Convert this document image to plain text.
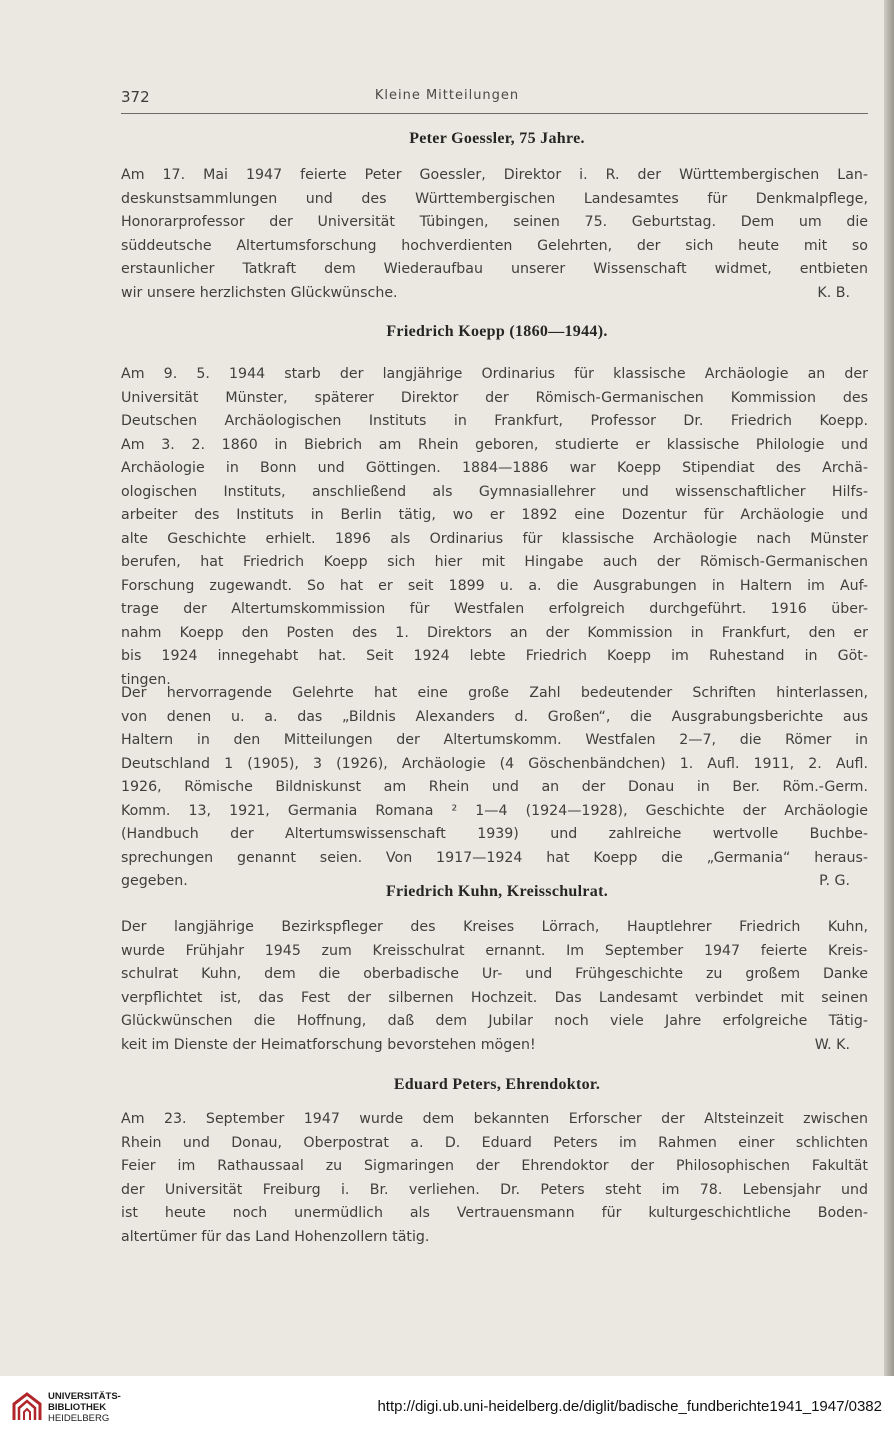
372	Kleine Mitteilungen
Peter Goessler, 75 Jahre.
Am 17. Mai 1947 feierte Peter Goessler, Direktor i. R. der Württembergischen Lan-
deskunstsammlungen und des Württembergischen Landesamtes für Denkmalpflege,
Honorarprofessor der Universität Tübingen, seinen 75. Geburtstag. Dem um die
süddeutsche Altertumsforschung hochverdienten Gelehrten, der sich heute mit so
erstaunlicher Tatkraft dem Wiederaufbau unserer Wissenschaft widmet, entbieten
wir unsere herzlichsten Glückwünsche.	K. B.
Friedrich Koepp (1860—1944).
Am 9. 5. 1944 starb der langjährige Ordinarius für klassische Archäologie an der
Universität Münster, späterer Direktor der Römisch-Germanischen Kommission des
Deutschen Archäologischen Instituts in Frankfurt, Professor Dr. Friedrich Koepp.
Am 3. 2. 1860 in Biebrich am Rhein geboren, studierte er klassische Philologie und
Archäologie in Bonn und Göttingen. 1884—1886 war Koepp Stipendiat des Archä-
ologischen Instituts, anschließend als Gymnasiallehrer und wissenschaftlicher Hilfs-
arbeiter des Instituts in Berlin tätig, wo er 1892 eine Dozentur für Archäologie und
alte Geschichte erhielt. 1896 als Ordinarius für klassische Archäologie nach Münster
berufen, hat Friedrich Koepp sich hier mit Hingabe auch der Römisch-Germanischen
Forschung zugewandt. So hat er seit 1899 u. a. die Ausgrabungen in Haltern im Auf-
trage der Altertumskommission für Westfalen erfolgreich durchgeführt. 1916 über-
nahm Koepp den Posten des 1. Direktors an der Kommission in Frankfurt, den er
bis 1924 innegehabt hat. Seit 1924 lebte Friedrich Koepp im Ruhestand in Göt-
tingen.
Der hervorragende Gelehrte hat eine große Zahl bedeutender Schriften hinterlassen,
von denen u. a. das „Bildnis Alexanders d. Großen“, die Ausgrabungsberichte aus
Haltern in den Mitteilungen der Altertumskomm. Westfalen 2—7, die Römer in
Deutschland 1 (1905), 3 (1926), Archäologie (4 Göschenbändchen) 1. Aufl. 1911, 2. Aufl.
1926, Römische Bildniskunst am Rhein und an der Donau in Ber. Röm.-Germ.
Komm. 13, 1921, Germania Romana ² 1—4 (1924—1928), Geschichte der Archäologie
(Handbuch der Altertumswissenschaft 1939) und zahlreiche wertvolle Buchbe-
sprechungen genannt seien. Von 1917—1924 hat Koepp die „Germania“ heraus-
gegeben.	P. G.
Friedrich Kuhn, Kreisschulrat.
Der langjährige Bezirkspfleger des Kreises Lörrach, Hauptlehrer Friedrich Kuhn,
wurde Frühjahr 1945 zum Kreisschulrat ernannt. Im September 1947 feierte Kreis-
schulrat Kuhn, dem die oberbadische Ur- und Frühgeschichte zu großem Danke
verpflichtet ist, das Fest der silbernen Hochzeit. Das Landesamt verbindet mit seinen
Glückwünschen die Hoffnung, daß dem Jubilar noch viele Jahre erfolgreiche Tätig-
keit im Dienste der Heimatforschung bevorstehen mögen!	W. K.
Eduard Peters, Ehrendoktor.
Am 23. September 1947 wurde dem bekannten Erforscher der Altsteinzeit zwischen
Rhein und Donau, Oberpostrat a. D. Eduard Peters im Rahmen einer schlichten
Feier im Rathaussaal zu Sigmaringen der Ehrendoktor der Philosophischen Fakultät
der Universität Freiburg i. Br. verliehen. Dr. Peters steht im 78. Lebensjahr und
ist heute noch unermüdlich als Vertrauensmann für kulturgeschichtliche Boden-
altertümer für das Land Hohenzollern tätig.
UNIVERSITÄTS-
BIBLIOTHEK
HEIDELBERG
http://digi.ub.uni-heidelberg.de/diglit/badische_fundberichte1941_1947/0382
